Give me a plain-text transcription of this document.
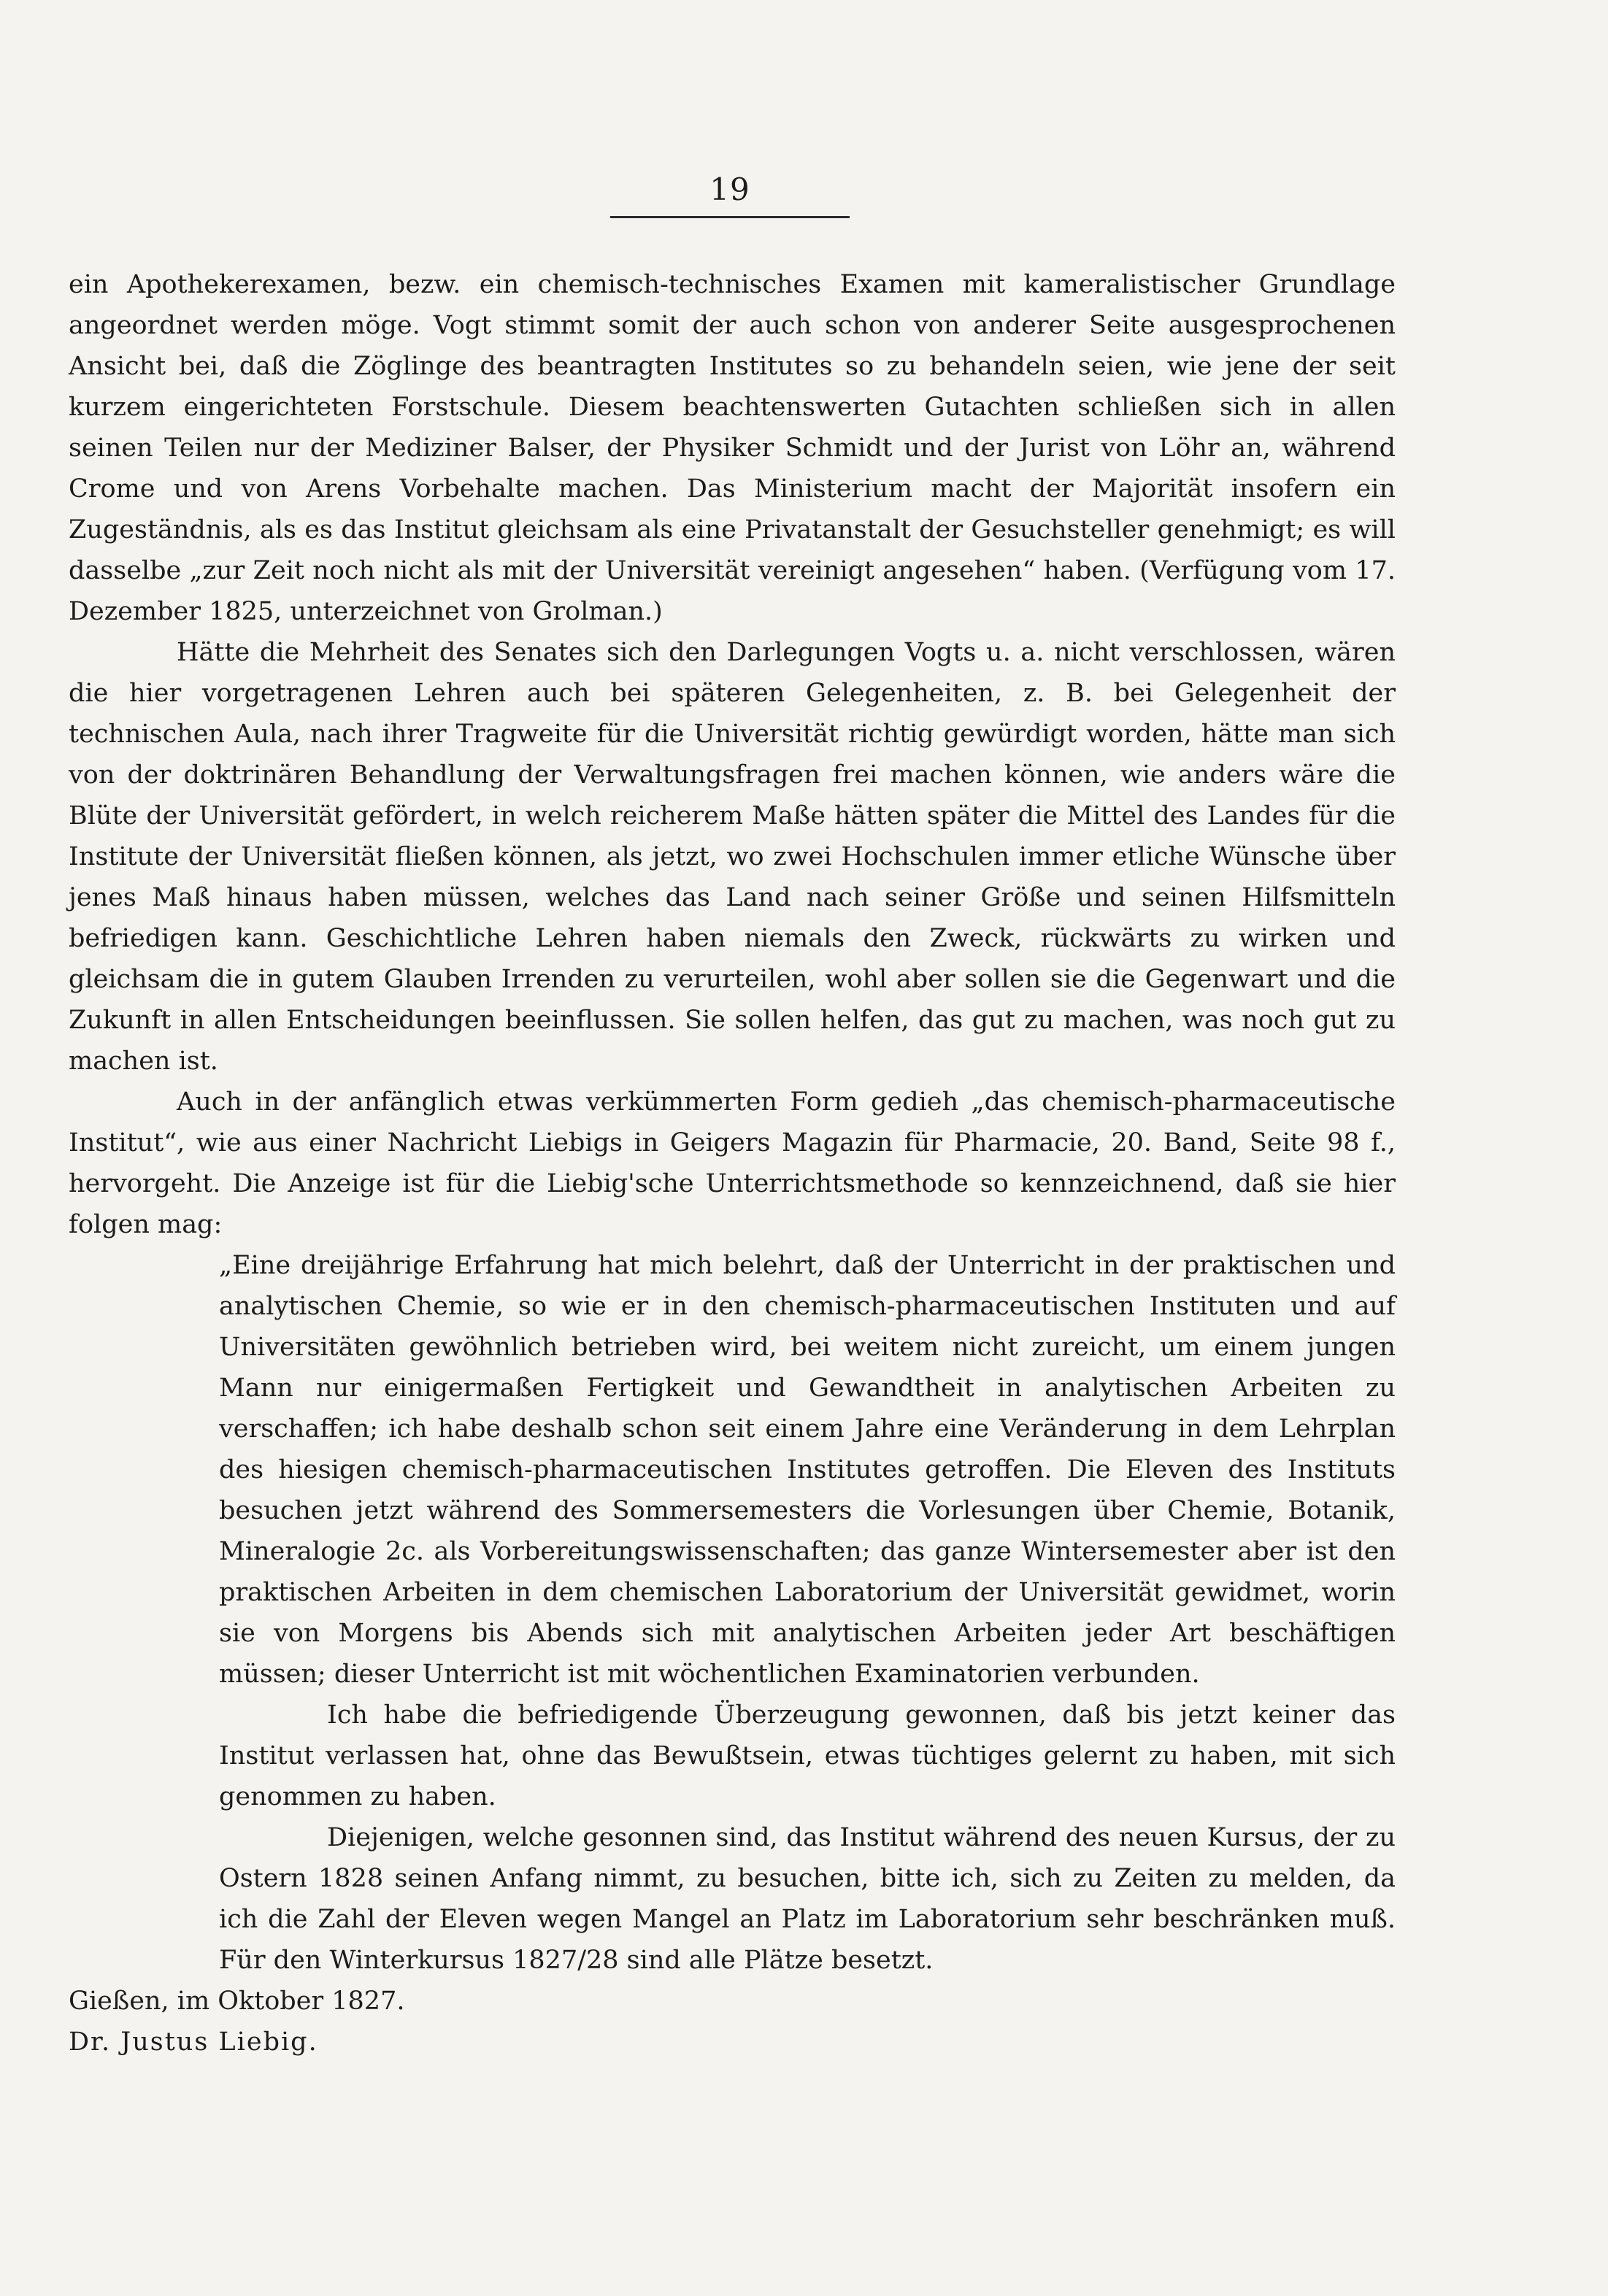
19

ein Apothekerexamen, bezw. ein chemisch-technisches Examen mit kameralistischer Grundlage angeordnet werden möge. Vogt stimmt somit der auch schon von anderer Seite ausgesprochenen Ansicht bei, daß die Zöglinge des beantragten Institutes so zu behandeln seien, wie jene der seit kurzem eingerichteten Forstschule. Diesem beachtenswerten Gutachten schließen sich in allen seinen Teilen nur der Mediziner Balser, der Physiker Schmidt und der Jurist von Löhr an, während Crome und von Arens Vorbehalte machen. Das Ministerium macht der Majorität insofern ein Zugeständnis, als es das Institut gleichsam als eine Privatanstalt der Gesuchsteller genehmigt; es will dasselbe „zur Zeit noch nicht als mit der Universität vereinigt angesehen“ haben. (Verfügung vom 17. Dezember 1825, unterzeichnet von Grolman.)

Hätte die Mehrheit des Senates sich den Darlegungen Vogts u. a. nicht verschlossen, wären die hier vorgetragenen Lehren auch bei späteren Gelegenheiten, z. B. bei Gelegenheit der technischen Aula, nach ihrer Tragweite für die Universität richtig gewürdigt worden, hätte man sich von der doktrinären Behandlung der Verwaltungsfragen frei machen können, wie anders wäre die Blüte der Universität gefördert, in welch reicherem Maße hätten später die Mittel des Landes für die Institute der Universität fließen können, als jetzt, wo zwei Hochschulen immer etliche Wünsche über jenes Maß hinaus haben müssen, welches das Land nach seiner Größe und seinen Hilfsmitteln befriedigen kann. Geschichtliche Lehren haben niemals den Zweck, rückwärts zu wirken und gleichsam die in gutem Glauben Irrenden zu verurteilen, wohl aber sollen sie die Gegenwart und die Zukunft in allen Entscheidungen beeinflussen. Sie sollen helfen, das gut zu machen, was noch gut zu machen ist.

Auch in der anfänglich etwas verkümmerten Form gedieh „das chemisch-pharmaceutische Institut“, wie aus einer Nachricht Liebigs in Geigers Magazin für Pharmacie, 20. Band, Seite 98 f., hervorgeht. Die Anzeige ist für die Liebig'sche Unterrichtsmethode so kennzeichnend, daß sie hier folgen mag:

„Eine dreijährige Erfahrung hat mich belehrt, daß der Unterricht in der praktischen und analytischen Chemie, so wie er in den chemisch-pharmaceutischen Instituten und auf Universitäten gewöhnlich betrieben wird, bei weitem nicht zureicht, um einem jungen Mann nur einigermaßen Fertigkeit und Gewandtheit in analytischen Arbeiten zu verschaffen; ich habe deshalb schon seit einem Jahre eine Veränderung in dem Lehrplan des hiesigen chemisch-pharmaceutischen Institutes getroffen. Die Eleven des Instituts besuchen jetzt während des Sommersemesters die Vorlesungen über Chemie, Botanik, Mineralogie 2c. als Vorbereitungswissenschaften; das ganze Wintersemester aber ist den praktischen Arbeiten in dem chemischen Laboratorium der Universität gewidmet, worin sie von Morgens bis Abends sich mit analytischen Arbeiten jeder Art beschäftigen müssen; dieser Unterricht ist mit wöchentlichen Examinatorien verbunden.

Ich habe die befriedigende Überzeugung gewonnen, daß bis jetzt keiner das Institut verlassen hat, ohne das Bewußtsein, etwas tüchtiges gelernt zu haben, mit sich genommen zu haben.

Diejenigen, welche gesonnen sind, das Institut während des neuen Kursus, der zu Ostern 1828 seinen Anfang nimmt, zu besuchen, bitte ich, sich zu Zeiten zu melden, da ich die Zahl der Eleven wegen Mangel an Platz im Laboratorium sehr beschränken muß. Für den Winterkursus 1827/28 sind alle Plätze besetzt.

Gießen, im Oktober 1827.

Dr. Justus Liebig.
